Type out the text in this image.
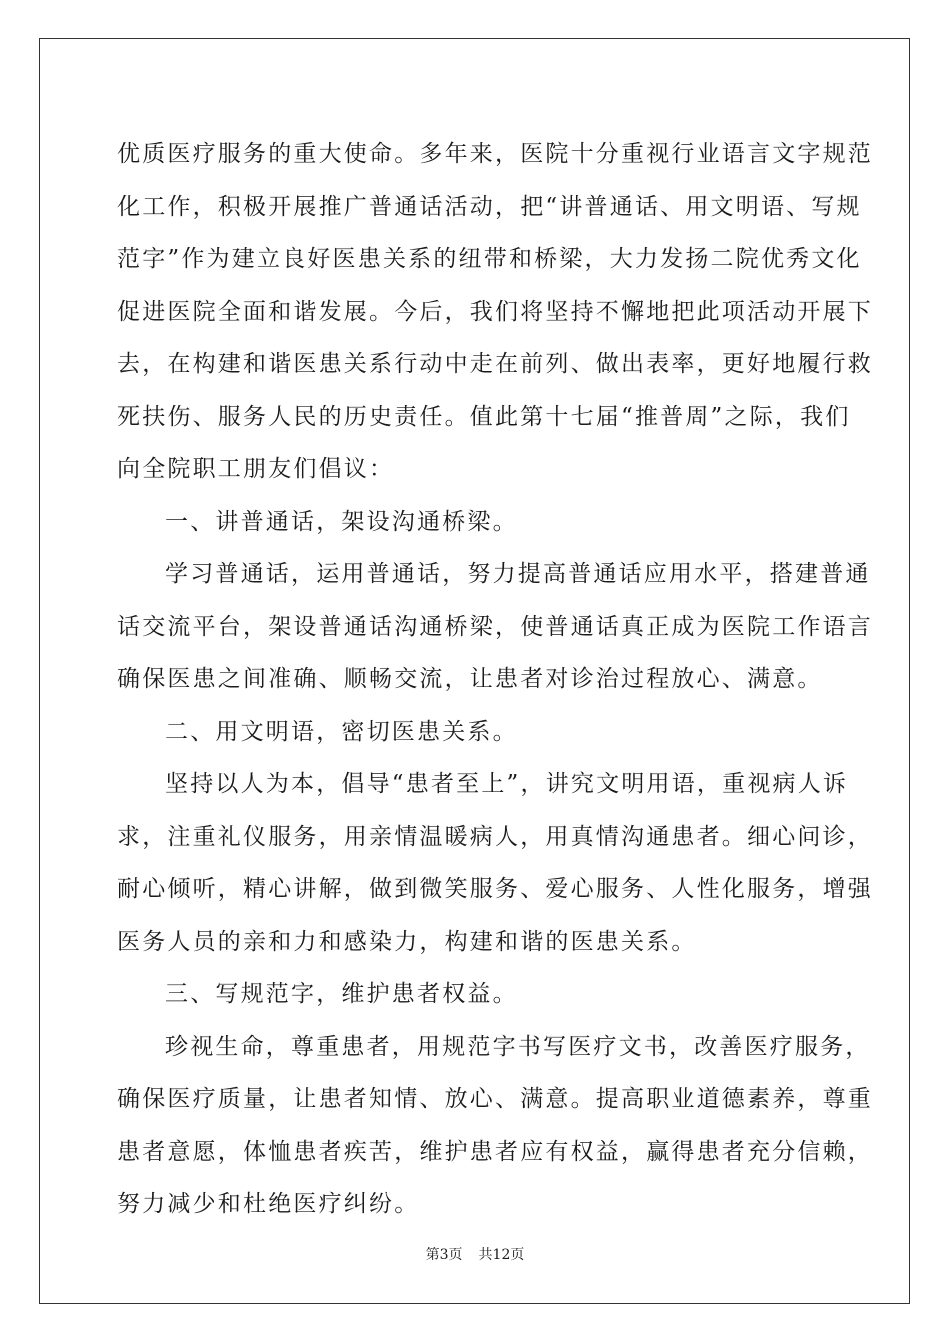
优质医疗服务的重大使命。多年来，医院十分重视行业语言文字规范
化工作，积极开展推广普通话活动，把“讲普通话、用文明语、写规
范字”作为建立良好医患关系的纽带和桥梁，大力发扬二院优秀文化
促进医院全面和谐发展。今后，我们将坚持不懈地把此项活动开展下
去，在构建和谐医患关系行动中走在前列、做出表率，更好地履行救
死扶伤、服务人民的历史责任。值此第十七届“推普周”之际，我们
向全院职工朋友们倡议：
一、讲普通话，架设沟通桥梁。
学习普通话，运用普通话，努力提高普通话应用水平，搭建普通
话交流平台，架设普通话沟通桥梁，使普通话真正成为医院工作语言
确保医患之间准确、顺畅交流，让患者对诊治过程放心、满意。
二、用文明语，密切医患关系。
坚持以人为本，倡导“患者至上”，讲究文明用语，重视病人诉
求，注重礼仪服务，用亲情温暖病人，用真情沟通患者。细心问诊，
耐心倾听，精心讲解，做到微笑服务、爱心服务、人性化服务，增强
医务人员的亲和力和感染力，构建和谐的医患关系。
三、写规范字，维护患者权益。
珍视生命，尊重患者，用规范字书写医疗文书，改善医疗服务，
确保医疗质量，让患者知情、放心、满意。提高职业道德素养，尊重
患者意愿，体恤患者疾苦，维护患者应有权益，赢得患者充分信赖，
努力减少和杜绝医疗纠纷。
第3页 共12页
